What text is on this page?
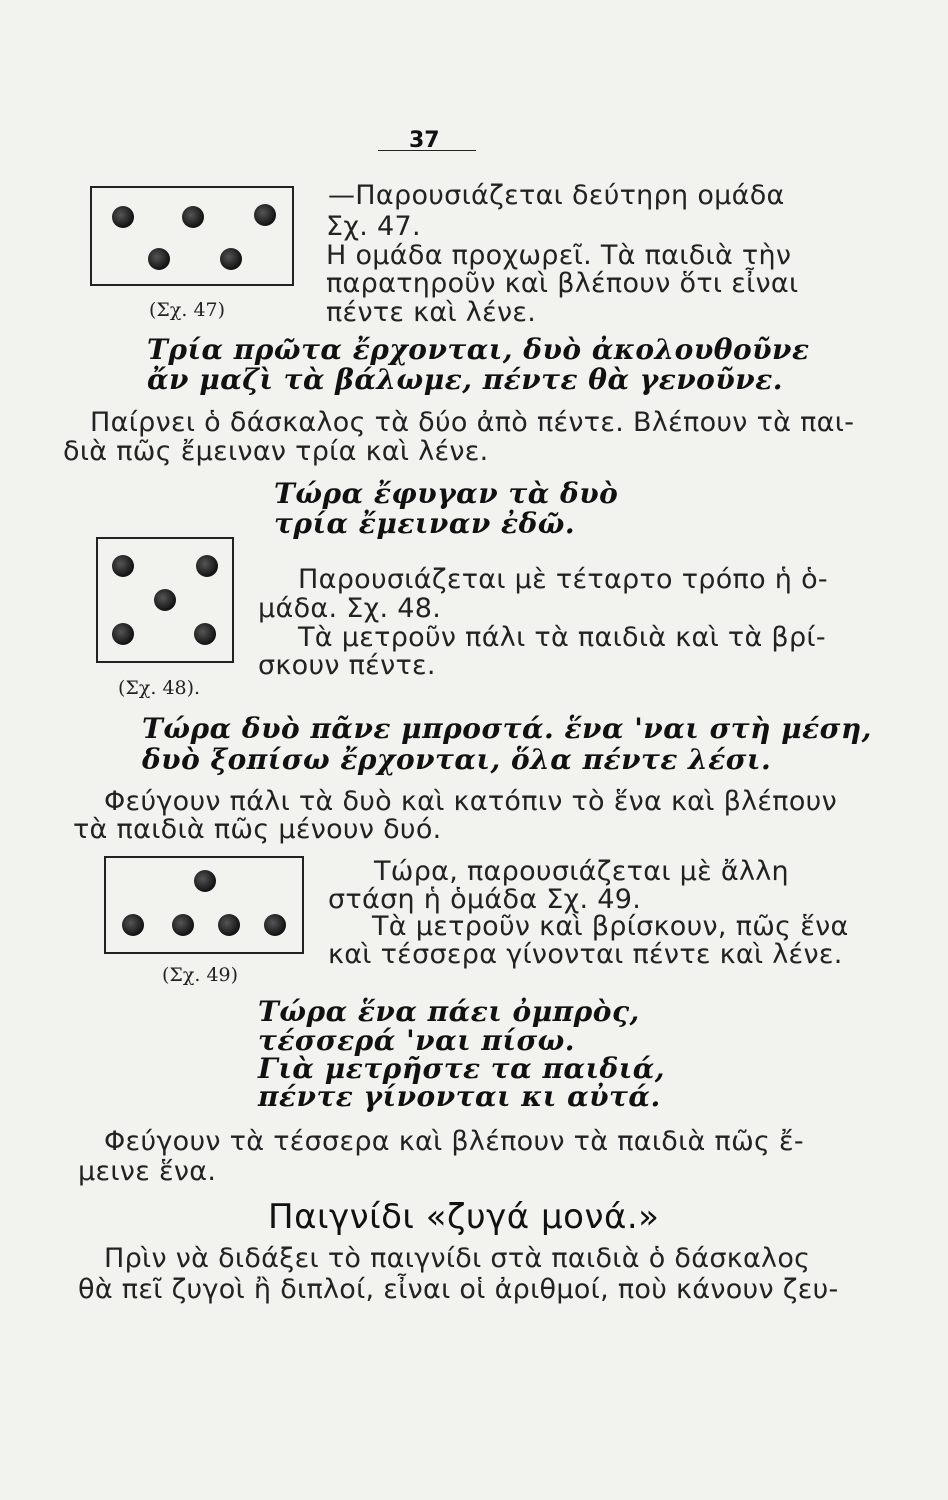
37
(Σχ. 47)
—Παρουσιάζεται δεύτηρη ομάδα
Σχ. 47.
Η ομάδα προχωρεῖ. Τὰ παιδιὰ τὴν
παρατηροῦν καὶ βλέπουν ὅτι εἶναι
πέντε καὶ λένε.
Τρία πρῶτα ἔρχονται, δυὸ ἀκολουθοῦνε
ἄν μαζὶ τὰ βάλωμε, πέντε θὰ γενοῦνε.
Παίρνει ὁ δάσκαλος τὰ δύο ἀπὸ πέντε. Βλέπουν τὰ παι-
διὰ πῶς ἔμειναν τρία καὶ λένε.
Τώρα ἔφυγαν τὰ δυὸ
τρία ἔμειναν ἐδῶ.
(Σχ. 48).
Παρουσιάζεται μὲ τέταρτο τρόπο ἡ ὁ-
μάδα. Σχ. 48.
Τὰ μετροῦν πάλι τὰ παιδιὰ καὶ τὰ βρί-
σκουν πέντε.
Τώρα δυὸ πᾶνε μπροστά. ἕνα 'ναι στὴ μέση,
δυὸ ξοπίσω ἔρχονται, ὅλα πέντε λέσι.
Φεύγουν πάλι τὰ δυὸ καὶ κατόπιν τὸ ἕνα καὶ βλέπουν
τὰ παιδιὰ πῶς μένουν δυό.
(Σχ. 49)
Τώρα, παρουσιάζεται μὲ ἄλλη
στάση ἡ ὁμάδα Σχ. 49.
Τὰ μετροῦν καὶ βρίσκουν, πῶς ἕνα
καὶ τέσσερα γίνονται πέντε καὶ λένε.
Τώρα ἕνα πάει ὀμπρὸς,
τέσσερά 'ναι πίσω.
Γιὰ μετρῆστε τα παιδιά,
πέντε γίνονται κι αὐτά.
Φεύγουν τὰ τέσσερα καὶ βλέπουν τὰ παιδιὰ πῶς ἔ-
μεινε ἕνα.
Παιγνίδι «ζυγά μονά.»
Πρὶν νὰ διδάξει τὸ παιγνίδι στὰ παιδιὰ ὁ δάσκαλος
θὰ πεῖ ζυγοὶ ἢ διπλοί, εἶναι οἱ ἀριθμοί, ποὺ κάνουν ζευ-
